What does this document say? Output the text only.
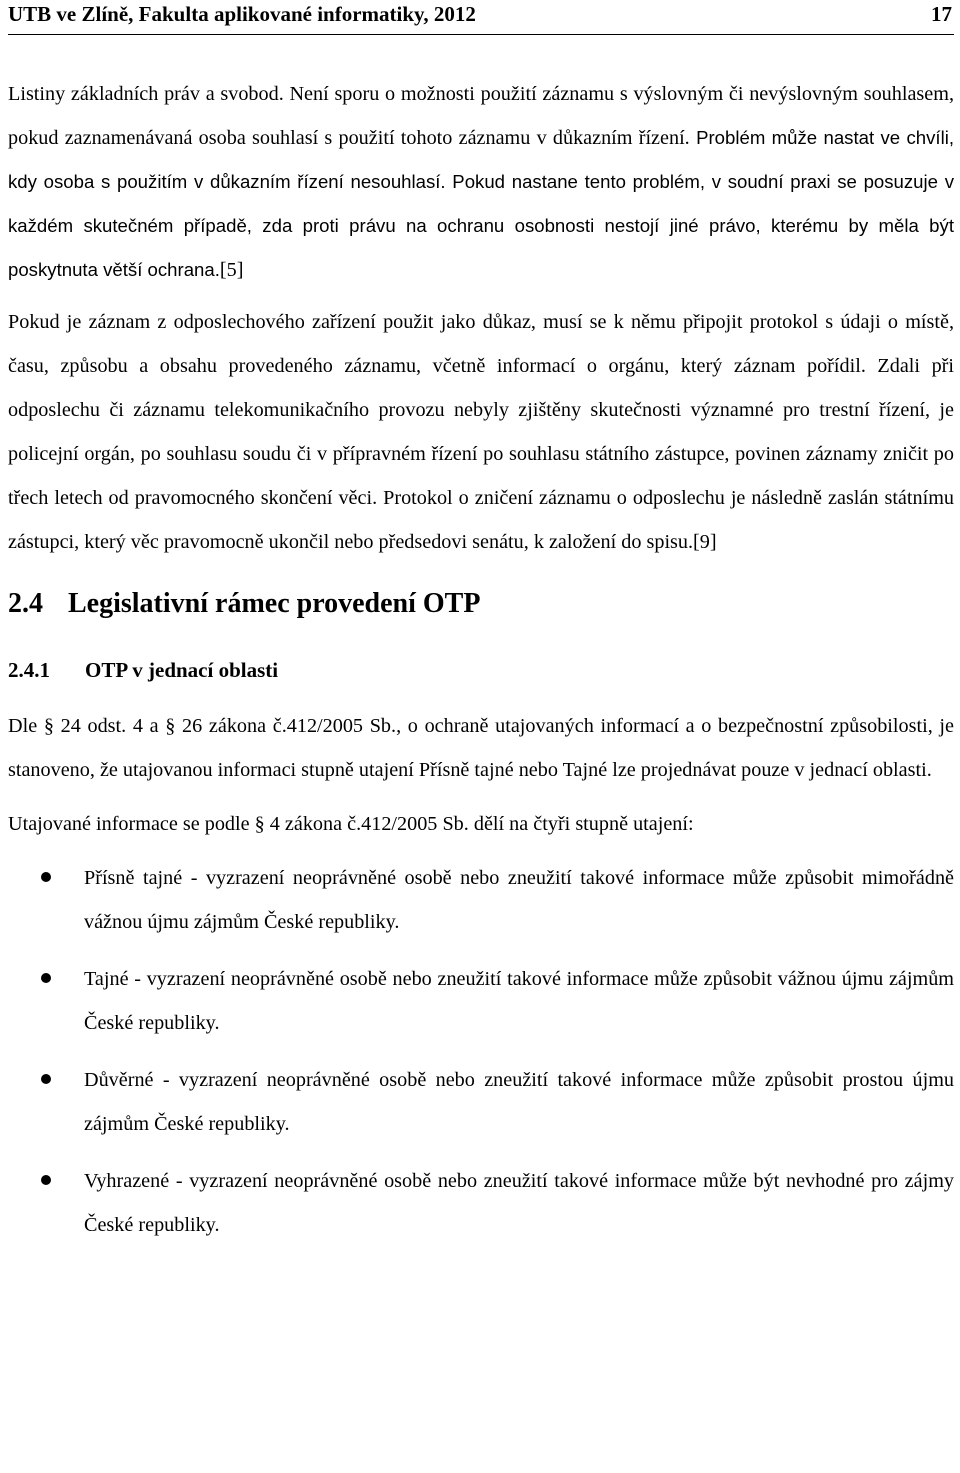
UTB ve Zlíně, Fakulta aplikované informatiky, 2012	17

Listiny základních práv a svobod. Není sporu o možnosti použití záznamu s výslovným či nevýslovným souhlasem, pokud zaznamenávaná osoba souhlasí s použití tohoto záznamu v důkazním řízení. Problém může nastat ve chvíli, kdy osoba s použitím v důkazním řízení nesouhlasí. Pokud nastane tento problém, v soudní praxi se posuzuje v každém skutečném případě, zda proti právu na ochranu osobnosti nestojí jiné právo, kterému by měla být poskytnuta větší ochrana.[5]

Pokud je záznam z odposlechového zařízení použit jako důkaz, musí se k němu připojit protokol s údaji o místě, času, způsobu a obsahu provedeného záznamu, včetně informací o orgánu, který záznam pořídil. Zdali při odposlechu či záznamu telekomunikačního provozu nebyly zjištěny skutečnosti významné pro trestní řízení, je policejní orgán, po souhlasu soudu či v přípravném řízení po souhlasu státního zástupce, povinen záznamy zničit po třech letech od pravomocného skončení věci. Protokol o zničení záznamu o odposlechu je následně zaslán státnímu zástupci, který věc pravomocně ukončil nebo předsedovi senátu, k založení do spisu.[9]

2.4 Legislativní rámec provedení OTP
2.4.1 OTP v jednací oblasti

Dle § 24 odst. 4 a § 26 zákona č.412/2005 Sb., o ochraně utajovaných informací a o bezpečnostní způsobilosti, je stanoveno, že utajovanou informaci stupně utajení Přísně tajné nebo Tajné lze projednávat pouze v jednací oblasti.

Utajované informace se podle § 4 zákona č.412/2005 Sb. dělí na čtyři stupně utajení:

Přísně tajné - vyzrazení neoprávněné osobě nebo zneužití takové informace může způsobit mimořádně vážnou újmu zájmům České republiky.
Tajné - vyzrazení neoprávněné osobě nebo zneužití takové informace může způsobit vážnou újmu zájmům České republiky.
Důvěrné - vyzrazení neoprávněné osobě nebo zneužití takové informace může způsobit prostou újmu zájmům České republiky.
Vyhrazené - vyzrazení neoprávněné osobě nebo zneužití takové informace může být nevhodné pro zájmy České republiky.
